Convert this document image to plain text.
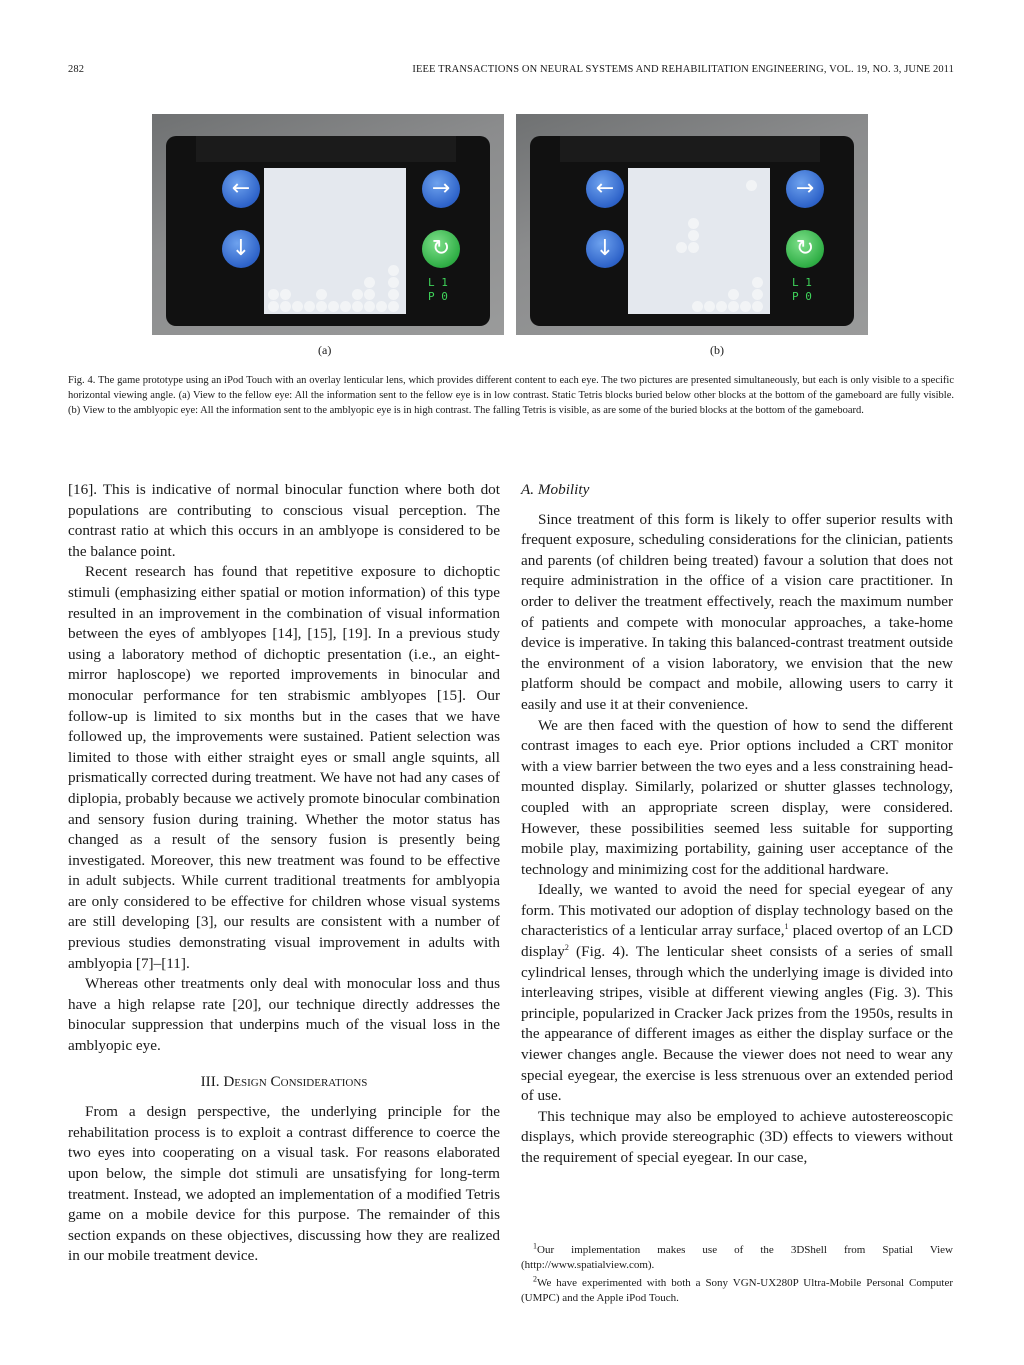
282	IEEE TRANSACTIONS ON NEURAL SYSTEMS AND REHABILITATION ENGINEERING, VOL. 19, NO. 3, JUNE 2011
←
↓
→
↻
L 1
P 0
←
↓
→
↻
L 1
P 0
(a)	(b)
Fig. 4. The game prototype using an iPod Touch with an overlay lenticular lens, which provides different content to each eye. The two pictures are presented simultaneously, but each is only visible to a specific horizontal viewing angle. (a) View to the fellow eye: All the information sent to the fellow eye is in low contrast. Static Tetris blocks buried below other blocks at the bottom of the gameboard are fully visible. (b) View to the amblyopic eye: All the information sent to the amblyopic eye is in high contrast. The falling Tetris is visible, as are some of the buried blocks at the bottom of the gameboard.

[16]. This is indicative of normal binocular function where both dot populations are contributing to conscious visual perception. The contrast ratio at which this occurs in an amblyope is considered to be the balance point.

Recent research has found that repetitive exposure to dichoptic stimuli (emphasizing either spatial or motion information) of this type resulted in an improvement in the combination of visual information between the eyes of amblyopes [14], [15], [19]. In a previous study using a laboratory method of dichoptic presentation (i.e., an eight-mirror haploscope) we reported improvements in binocular and monocular performance for ten strabismic amblyopes [15]. Our follow-up is limited to six months but in the cases that we have followed up, the improvements were sustained. Patient selection was limited to those with either straight eyes or small angle squints, all prismatically corrected during treatment. We have not had any cases of diplopia, probably because we actively promote binocular combination and sensory fusion during training. Whether the motor status has changed as a result of the sensory fusion is presently being investigated. Moreover, this new treatment was found to be effective in adult subjects. While current traditional treatments for amblyopia are only considered to be effective for children whose visual systems are still developing [3], our results are consistent with a number of previous studies demonstrating visual improvement in adults with amblyopia [7]–[11].

Whereas other treatments only deal with monocular loss and thus have a high relapse rate [20], our technique directly addresses the binocular suppression that underpins much of the visual loss in the amblyopic eye.

III. Design Considerations

From a design perspective, the underlying principle for the rehabilitation process is to exploit a contrast difference to coerce the two eyes into cooperating on a visual task. For reasons elaborated upon below, the simple dot stimuli are unsatisfying for long-term treatment. Instead, we adopted an implementation of a modified Tetris game on a mobile device for this purpose. The remainder of this section expands on these objectives, discussing how they are realized in our mobile treatment device.

A. Mobility

Since treatment of this form is likely to offer superior results with frequent exposure, scheduling considerations for the clinician, patients and parents (of children being treated) favour a solution that does not require administration in the office of a vision care practitioner. In order to deliver the treatment effectively, reach the maximum number of patients and compete with monocular approaches, a take-home device is imperative. In taking this balanced-contrast treatment outside the environment of a vision laboratory, we envision that the new platform should be compact and mobile, allowing users to carry it easily and use it at their convenience.

We are then faced with the question of how to send the different contrast images to each eye. Prior options included a CRT monitor with a view barrier between the two eyes and a less constraining head-mounted display. Similarly, polarized or shutter glasses technology, coupled with an appropriate screen display, were considered. However, these possibilities seemed less suitable for supporting mobile play, maximizing portability, gaining user acceptance of the technology and minimizing cost for the additional hardware.

Ideally, we wanted to avoid the need for special eyegear of any form. This motivated our adoption of display technology based on the characteristics of a lenticular array surface,$^1$ placed overtop of an LCD display$^2$ (Fig. 4). The lenticular sheet consists of a series of small cylindrical lenses, through which the underlying image is divided into interleaving stripes, visible at different viewing angles (Fig. 3). This principle, popularized in Cracker Jack prizes from the 1950s, results in the appearance of different images as either the display surface or the viewer changes angle. Because the viewer does not need to wear any special eyegear, the exercise is less strenuous over an extended period of use.

This technique may also be employed to achieve autostereoscopic displays, which provide stereographic (3D) effects to viewers without the requirement of special eyegear. In our case,

$^1$Our implementation makes use of the 3DShell from Spatial View (http://www.spatialview.com).

$^2$We have experimented with both a Sony VGN-UX280P Ultra-Mobile Personal Computer (UMPC) and the Apple iPod Touch.
